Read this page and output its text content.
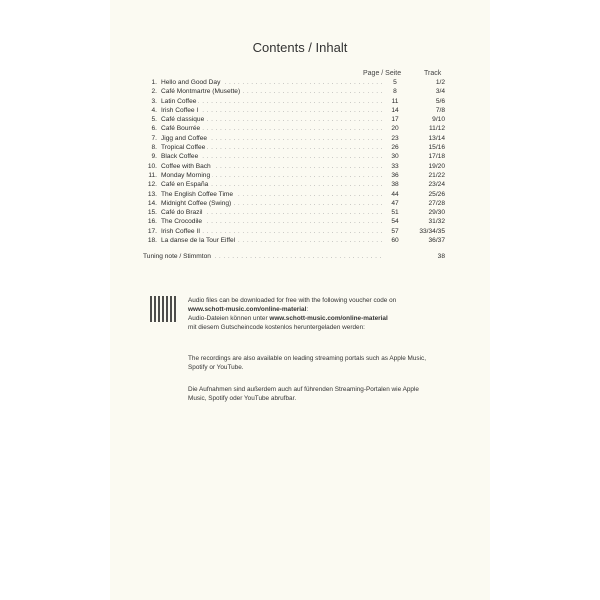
Contents / Inhalt
Page / Seite	Track
1. . . . Hello and Good Day	5	1/2
2. . . . Café Montmartre (Musette)	8	3/4
3. . . . Latin Coffee	11	5/6
4. . . . Irish Coffee I	14	7/8
5. . . . Café classique	17	9/10
6. . . . Café Bourrée	20	11/12
7. . . . Jigg and Coffee	23	13/14
8. . . . Tropical Coffee	26	15/16
9. . . . Black Coffee	30	17/18
10. . . . Coffee with Bach	33	19/20
11. . . . Monday Morning	36	21/22
12. . . . Café en España	38	23/24
13. . . . The English Coffee Time	44	25/26
14. . . . Midnight Coffee (Swing)	47	27/28
15. . . . Café do Brazil	51	29/30
16. . . . The Crocodile	54	31/32
17. . . . Irish Coffee II	57	33/34/35
18. . . . La danse de la Tour Eiffel	60	36/37
. . .
Tuning note / Stimmton	38

Audio files can be downloaded for free with the following voucher code on
www.schott-music.com/online-material:
Audio-Dateien können unter www.schott-music.com/online-material
mit diesem Gutscheincode kostenlos heruntergeladen werden:

The recordings are also available on leading streaming portals such as Apple Music, Spotify or YouTube.

Die Aufnahmen sind außerdem auch auf führenden Streaming-Portalen wie Apple Music, Spotify oder YouTube abrufbar.
